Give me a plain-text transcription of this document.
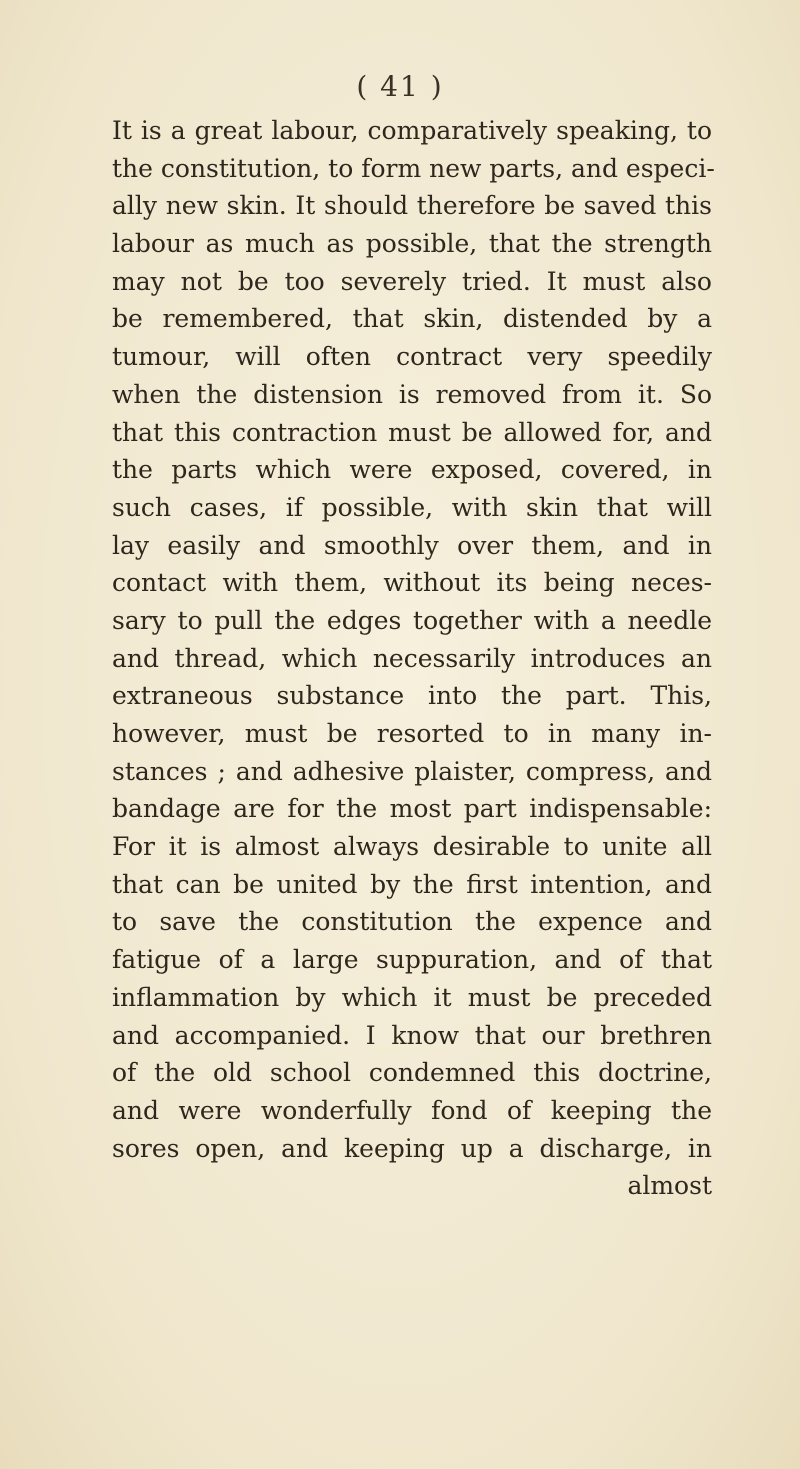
( 41 )
It is a great labour, comparatively speaking, to
the constitution, to form new parts, and especi-
ally new skin. It should therefore be saved this
labour as much as possible, that the strength
may not be too severely tried. It must also
be remembered, that skin, distended by a
tumour, will often contract very speedily
when the distension is removed from it. So
that this contraction must be allowed for, and
the parts which were exposed, covered, in
such cases, if possible, with skin that will
lay easily and smoothly over them, and in
contact with them, without its being neces-
sary to pull the edges together with a needle
and thread, which necessarily introduces an
extraneous substance into the part. This,
however, must be resorted to in many in-
stances ; and adhesive plaister, compress, and
bandage are for the most part indispensable:
For it is almost always desirable to unite all
that can be united by the first intention, and
to save the constitution the expence and
fatigue of a large suppuration, and of that
inflammation by which it must be preceded
and accompanied. I know that our brethren
of the old school condemned this doctrine,
and were wonderfully fond of keeping the
sores open, and keeping up a discharge, in
almost
